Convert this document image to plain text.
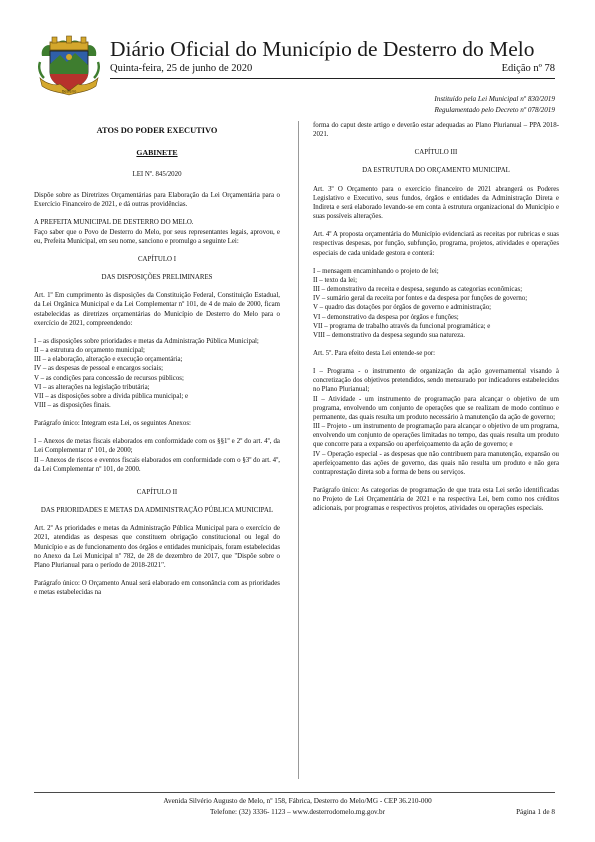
Desterro
Diário Oficial do Município de Desterro do Melo
Quinta-feira, 25 de junho de 2020	Edição nº 78
Instituído pela Lei Municipal nº 830/2019
Regulamentado pelo Decreto nº 078/2019
ATOS DO PODER EXECUTIVO
GABINETE
LEI Nº. 845/2020

Dispõe sobre as Diretrizes Orçamentárias para Elaboração da Lei Orçamentária para o Exercício Financeiro de 2021, e dá outras providências.

A PREFEITA MUNICIPAL DE DESTERRO DO MELO.

Faço saber que o Povo de Desterro do Melo, por seus representantes legais, aprovou, e eu, Prefeita Municipal, em seu nome, sanciono e promulgo a seguinte Lei:

CAPÍTULO I
DAS DISPOSIÇÕES PRELIMINARES

Art. 1º Em cumprimento às disposições da Constituição Federal, Constituição Estadual, da Lei Orgânica Municipal e da Lei Complementar nº 101, de 4 de maio de 2000, ficam estabelecidas as diretrizes orçamentárias do Município de Desterro do Melo para o exercício de 2021, compreendendo:

I – as disposições sobre prioridades e metas da Administração Pública Municipal;
II – a estrutura do orçamento municipal;
III – a elaboração, alteração e execução orçamentária;
IV – as despesas de pessoal e encargos sociais;
V – as condições para concessão de recursos públicos;
VI – as alterações na legislação tributária;
VII – as disposições sobre a dívida pública municipal; e
VIII – as disposições finais.

Parágrafo único: Integram esta Lei, os seguintes Anexos:

I – Anexos de metas fiscais elaborados em conformidade com os §§1º e 2º do art. 4º, da Lei Complementar nº 101, de 2000;

II – Anexos de riscos e eventos fiscais elaborados em conformidade com o §3º do art. 4º, da Lei Complementar nº 101, de 2000.

CAPÍTULO II
DAS PRIORIDADES E METAS DA ADMINISTRAÇÃO PÚBLICA MUNICIPAL

Art. 2º As prioridades e metas da Administração Pública Municipal para o exercício de 2021, atendidas as despesas que constituem obrigação constitucional ou legal do Município e as de funcionamento dos órgãos e entidades municipais, foram estabelecidas no Anexo da Lei Municipal nº 782, de 28 de dezembro de 2017, que "Dispõe sobre o Plano Plurianual para o período de 2018-2021".

Parágrafo único: O Orçamento Anual será elaborado em consonância com as prioridades e metas estabelecidas na

forma do caput deste artigo e deverão estar adequadas ao Plano Plurianual – PPA 2018-2021.

CAPÍTULO III
DA ESTRUTURA DO ORÇAMENTO MUNICIPAL

Art. 3º O Orçamento para o exercício financeiro de 2021 abrangerá os Poderes Legislativo e Executivo, seus fundos, órgãos e entidades da Administração Direta e Indireta e será elaborado levando-se em conta à estrutura organizacional do Município e suas possíveis alterações.

Art. 4º A proposta orçamentária do Município evidenciará as receitas por rubricas e suas respectivas despesas, por função, subfunção, programa, projetos, atividades e operações especiais de cada unidade gestora e conterá:

I – mensagem encaminhando o projeto de lei;
II – texto da lei;
III – demonstrativo da receita e despesa, segundo as categorias econômicas;
IV – sumário geral da receita por fontes e da despesa por funções de governo;
V – quadro das dotações por órgãos de governo e administração;
VI – demonstrativo da despesa por órgãos e funções;
VII – programa de trabalho através da funcional programática; e
VIII – demonstrativo da despesa segundo sua natureza.

Art. 5º. Para efeito desta Lei entende-se por:

I – Programa - o instrumento de organização da ação governamental visando à concretização dos objetivos pretendidos, sendo mensurado por indicadores estabelecidos no Plano Plurianual;

II – Atividade - um instrumento de programação para alcançar o objetivo de um programa, envolvendo um conjunto de operações que se realizam de modo contínuo e permanente, das quais resulta um produto necessário à manutenção da ação de governo;

III – Projeto - um instrumento de programação para alcançar o objetivo de um programa, envolvendo um conjunto de operações limitadas no tempo, das quais resulta um produto que concorre para a expansão ou aperfeiçoamento da ação de governo; e

IV – Operação especial - as despesas que não contribuem para manutenção, expansão ou aperfeiçoamento das ações de governo, das quais não resulta um produto e não gera contraprestação direta sob a forma de bens ou serviços.

Parágrafo único: As categorias de programação de que trata esta Lei serão identificadas no Projeto de Lei Orçamentária de 2021 e na respectiva Lei, bem como nos créditos adicionais, por programas e respectivos projetos, atividades ou operações especiais.

Avenida Silvério Augusto de Melo, nº 158, Fábrica, Desterro do Melo/MG - CEP 36.210-000
Telefone: (32) 3336- 1123 – www.desterrodomelo.mg.gov.br	Página 1 de 8
